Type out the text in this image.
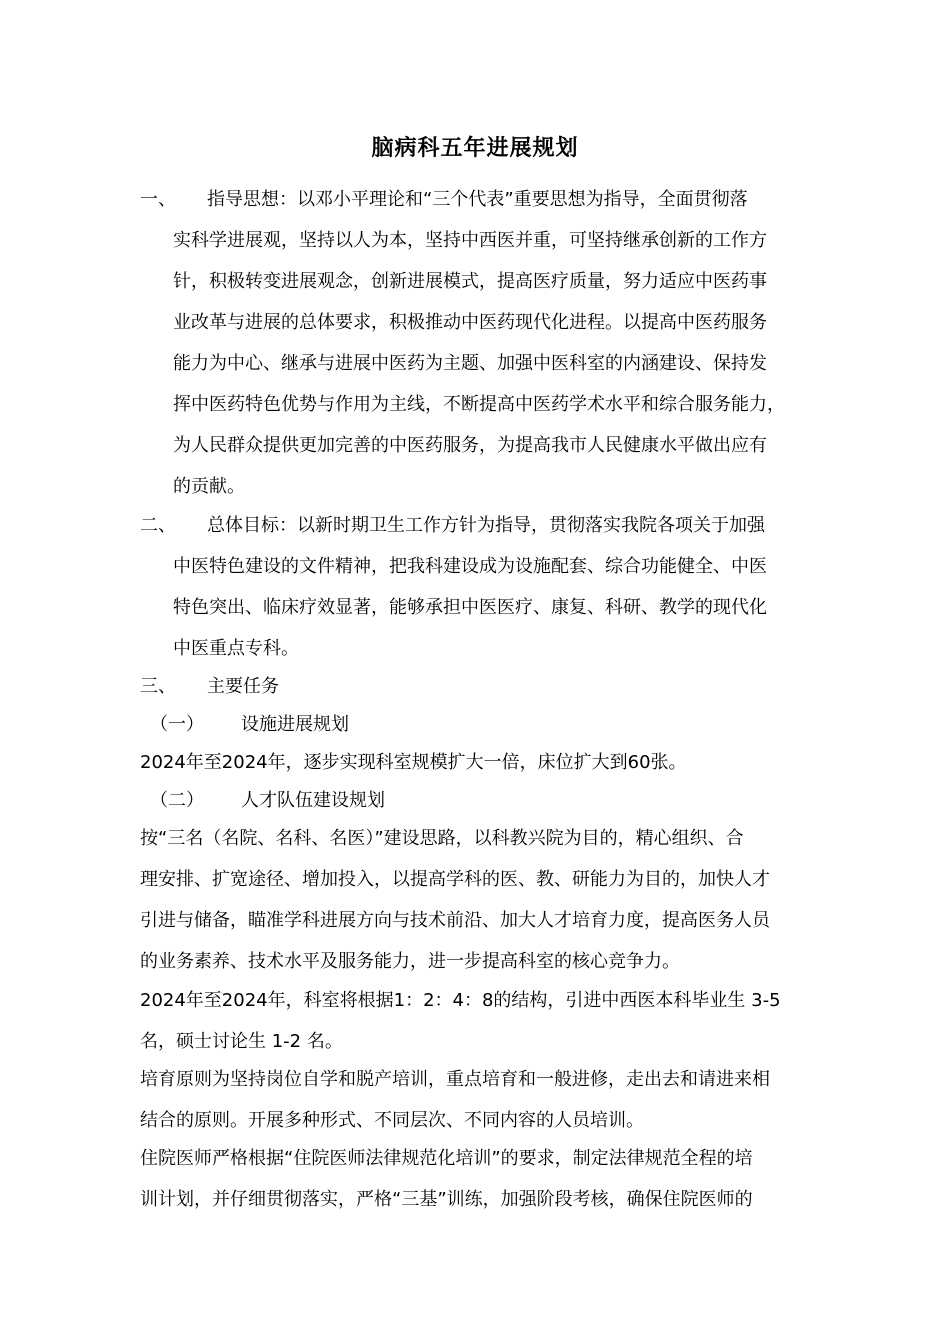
脑病科五年进展规划
一、 指导思想：以邓小平理论和“三个代表”重要思想为指导，全面贯彻落
实科学进展观，坚持以人为本，坚持中西医并重，可坚持继承创新的工作方
针，积极转变进展观念，创新进展模式，提高医疗质量，努力适应中医药事
业改革与进展的总体要求，积极推动中医药现代化进程。以提高中医药服务
能力为中心、继承与进展中医药为主题、加强中医科室的内涵建设、保持发
挥中医药特色优势与作用为主线，不断提高中医药学术水平和综合服务能力，
为人民群众提供更加完善的中医药服务，为提高我市人民健康水平做出应有
的贡献。
二、 总体目标：以新时期卫生工作方针为指导，贯彻落实我院各项关于加强
中医特色建设的文件精神，把我科建设成为设施配套、综合功能健全、中医
特色突出、临床疗效显著，能够承担中医医疗、康复、科研、教学的现代化
中医重点专科。
三、 主要任务
（一） 设施进展规划
2024年至2024年，逐步实现科室规模扩大一倍，床位扩大到60张。
（二） 人才队伍建设规划
按“三名（名院、名科、名医）”建设思路，以科教兴院为目的，精心组织、合
理安排、扩宽途径、增加投入，以提高学科的医、教、研能力为目的，加快人才
引进与储备，瞄准学科进展方向与技术前沿、加大人才培育力度，提高医务人员
的业务素养、技术水平及服务能力，进一步提高科室的核心竞争力。
2024年至2024年，科室将根据1：2：4：8的结构，引进中西医本科毕业生 3-5
名，硕士讨论生 1-2 名。
培育原则为坚持岗位自学和脱产培训，重点培育和一般进修，走出去和请进来相
结合的原则。开展多种形式、不同层次、不同内容的人员培训。
住院医师严格根据“住院医师法律规范化培训”的要求，制定法律规范全程的培
训计划，并仔细贯彻落实，严格“三基”训练，加强阶段考核，确保住院医师的
